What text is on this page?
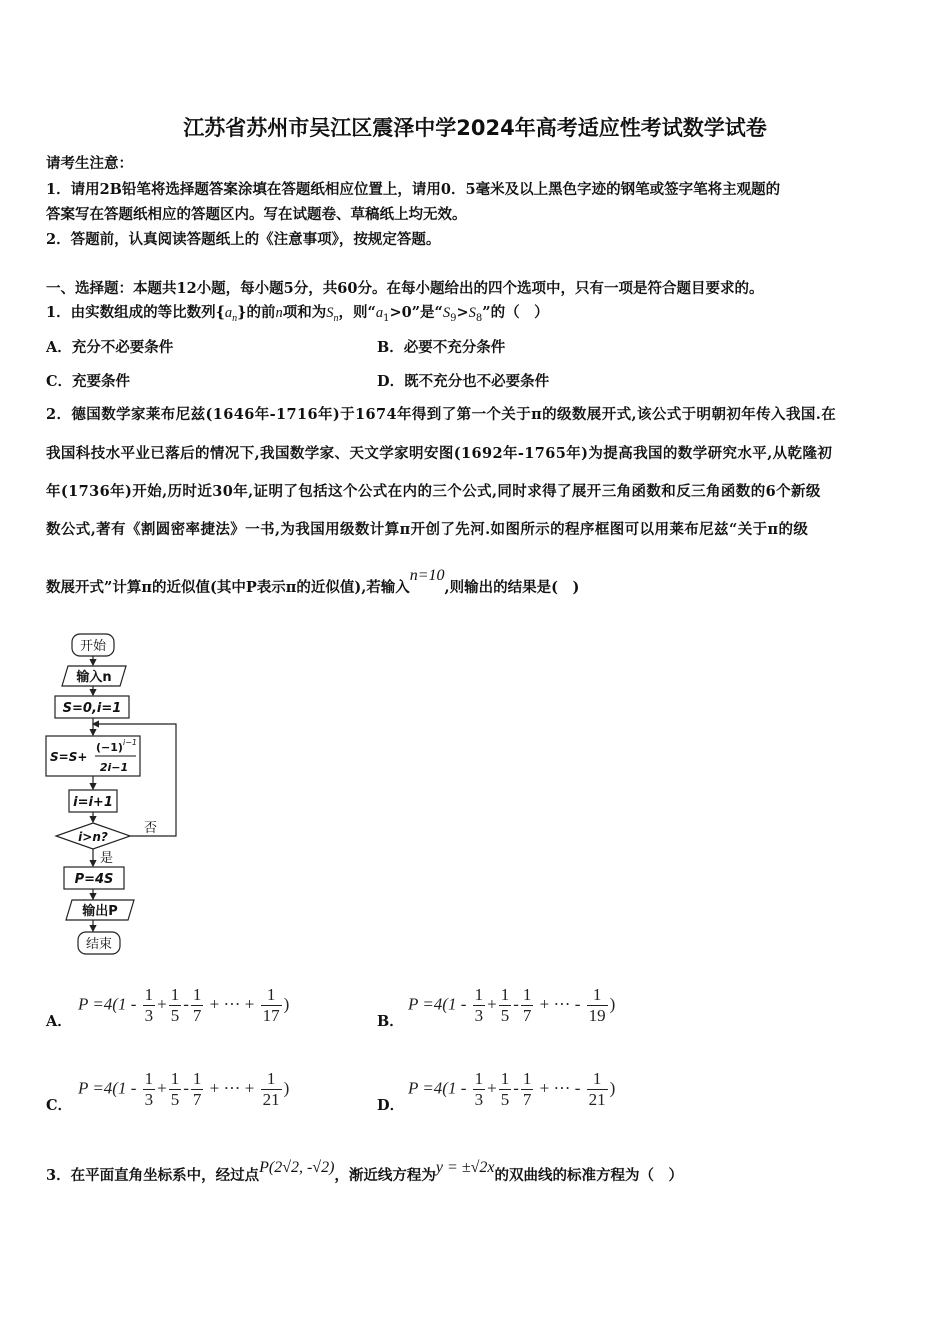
江苏省苏州市吴江区震泽中学2024年高考适应性考试数学试卷
请考生注意：
1．请用2B铅笔将选择题答案涂填在答题纸相应位置上，请用0．5毫米及以上黑色字迹的钢笔或签字笔将主观题的
答案写在答题纸相应的答题区内。写在试题卷、草稿纸上均无效。
2．答题前，认真阅读答题纸上的《注意事项》，按规定答题。
一、选择题：本题共12小题，每小题5分，共60分。在每小题给出的四个选项中，只有一项是符合题目要求的。
1．由实数组成的等比数列$\{a_n\}$的前n项和为$S_n$，则“$a_1>0$”是“$S_9>S_8$”的（　）
A．充分不必要条件	B．必要不充分条件
C．充要条件	D．既不充分也不必要条件
2．德国数学家莱布尼兹(1646年-1716年)于1674年得到了第一个关于π的级数展开式,该公式于明朝初年传入我国.在
我国科技水平业已落后的情况下,我国数学家、天文学家明安图(1692年-1765年)为提高我国的数学研究水平,从乾隆初
年(1736年)开始,历时近30年,证明了包括这个公式在内的三个公式,同时求得了展开三角函数和反三角函数的6个新级
数公式,著有《割圆密率捷法》一书,为我国用级数计算π开创了先河.如图所示的程序框图可以用莱布尼兹“关于π的级
数展开式”计算π的近似值(其中P表示π的近似值),若输入n=10,则输出的结果是(　)
开始
输入n
S=0,i=1
S=S+
(−1) i−1
2i−1
i=i+1
i>n?
否
是
P=4S
输出P
结束
A．
$P =4(1 - \frac{1}{3} + \frac{1}{5} - \frac{1}{7}$ + ··· + $\frac{1}{17}$ )
B．
$P =4(1 - \frac{1}{3} + \frac{1}{5} - \frac{1}{7}$ + ··· - $\frac{1}{19}$ )
C．
$P =4(1 - \frac{1}{3} + \frac{1}{5} - \frac{1}{7}$ + ··· + $\frac{1}{21}$ )
D．
$P =4(1 - \frac{1}{3} + \frac{1}{5} - \frac{1}{7}$ + ··· - $\frac{1}{21}$ )
3．在平面直角坐标系中，经过点P(2√2, -√2)，渐近线方程为y = ±√2x的双曲线的标准方程为（　）
